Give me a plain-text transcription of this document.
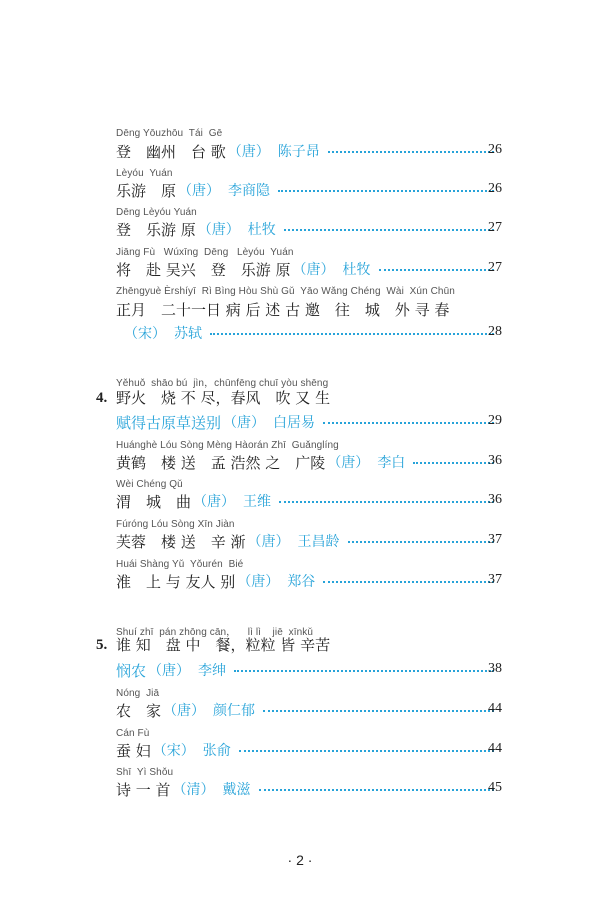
Dēng Yōuzhōu  Tái  Gē
登　幽州　台 歌 （唐） 陈子昂	26
Lèyóu  Yuán
乐游　原 （唐） 李商隐	26
Dēng Lèyóu Yuán
登　乐游 原 （唐） 杜牧	27
Jiāng Fù   Wúxīng  Dēng   Lèyóu  Yuán
将　赴 吴兴　登　乐游 原 （唐） 杜牧	27
Zhēngyuè Èrshíyī  Rì Bìng Hòu Shù Gǔ  Yāo Wǎng Chéng  Wài  Xún Chūn
正月　二十一日 病 后 述 古 邀　往　城　外 寻 春
（宋） 苏轼	28
Yěhuǒ  shāo bú  jìn，chūnfēng chuī yòu shēng
4. 野火　烧 不 尽，春风　吹 又 生
赋得古原草送别 （唐） 白居易	29
Huánghè Lóu Sòng Mèng Hàorán Zhī  Guǎnglíng
黄鹤　楼 送　孟 浩然 之　广陵 （唐） 李白	36
Wèi Chéng Qǔ
渭　城　曲 （唐） 王维	36
Fúróng Lóu Sòng Xīn Jiàn
芙蓉　楼 送　辛 渐 （唐） 王昌龄	37
Huái Shàng Yǔ  Yǒurén  Bié
淮　上 与 友人 别 （唐） 郑谷	37
Shuí zhī  pán zhōng cān，    lì lì    jiē  xīnkǔ
5. 谁 知　盘 中　餐，粒粒 皆 辛苦
悯农 （唐） 李绅	38
Nóng  Jiā
农　家 （唐） 颜仁郁	44
Cán Fù
蚕 妇 （宋） 张俞	44
Shī  Yì Shǒu
诗 一 首 （清） 戴滋	45
· 2 ·
